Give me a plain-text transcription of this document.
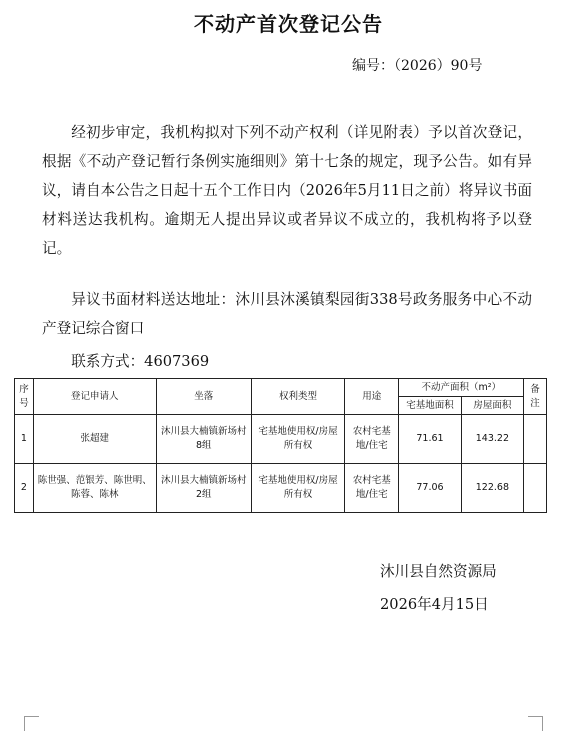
不动产首次登记公告
编号：（2026）90号

经初步审定，我机构拟对下列不动产权利（详见附表）予以首次登记，根据《不动产登记暂行条例实施细则》第十七条的规定，现予公告。如有异议，请自本公告之日起十五个工作日内（2026年5月11日之前）将异议书面材料送达我机构。逾期无人提出异议或者异议不成立的，我机构将予以登记。

异议书面材料送达地址：沐川县沐溪镇梨园街338号政务服务中心不动产登记综合窗口

联系方式：4607369

序号	登记申请人	坐落	权利类型	用途	不动产面积（m²）		备注
					宅基地面积	房屋面积	
1	张超建	沐川县大楠镇新场村8组	宅基地使用权/房屋所有权	农村宅基地/住宅	71.61	143.22	
2	陈世强、范银芳、陈世明、陈蓉、陈林	沐川县大楠镇新场村2组	宅基地使用权/房屋所有权	农村宅基地/住宅	77.06	122.68	
沐川县自然资源局
2026年4月15日
